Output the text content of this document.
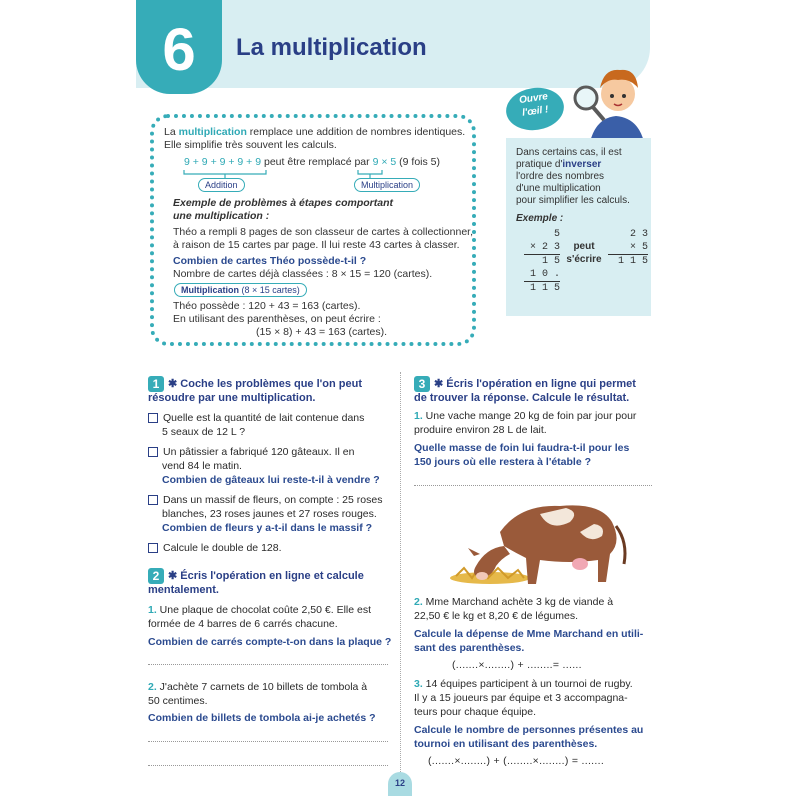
6	La multiplication
La multiplication remplace une addition de nombres identiques.
Elle simplifie très souvent les calculs.
9 + 9 + 9 + 9 + 9 peut être remplacé par 9 × 5 (9 fois 5)
Addition	Multiplication
Exemple de problèmes à étapes comportant
une multiplication :
Théo a rempli 8 pages de son classeur de cartes à collectionner,
à raison de 15 cartes par page. Il lui reste 43 cartes à classer.
Combien de cartes Théo possède-t-il ?
Nombre de cartes déjà classées : 8 × 15 = 120 (cartes).
Multiplication (8 × 15 cartes)
Théo possède : 120 + 43 = 163 (cartes).
En utilisant des parenthèses, on peut écrire :
(15 × 8) + 43 = 163 (cartes).
Ouvre
l'œil !
Dans certains cas, il est
pratique d'inverser
l'ordre des nombres
d'une multiplication
pour simplifier les calculs.
Exemple :
5
× 2 3
1 5
1 0 .
1 1 5
peut
s'écrire
2 3
× 5
1 1 5
1 ✱ Coche les problèmes que l'on peut
résoudre par une multiplication.
Quelle est la quantité de lait contenue dans
5 seaux de 12 L ?
Un pâtissier a fabriqué 120 gâteaux. Il en
vend 84 le matin.
Combien de gâteaux lui reste-t-il à vendre ?
Dans un massif de fleurs, on compte : 25 roses
blanches, 23 roses jaunes et 27 roses rouges.
Combien de fleurs y a-t-il dans le massif ?
Calcule le double de 128.
2 ✱ Écris l'opération en ligne et calcule
mentalement.
1. Une plaque de chocolat coûte 2,50 €. Elle est
formée de 4 barres de 6 carrés chacune.
Combien de carrés compte-t-on dans la plaque ?
2. J'achète 7 carnets de 10 billets de tombola à
50 centimes.
Combien de billets de tombola ai-je achetés ?
3 ✱ Écris l'opération en ligne qui permet
de trouver la réponse. Calcule le résultat.
1. Une vache mange 20 kg de foin par jour pour
produire environ 28 L de lait.
Quelle masse de foin lui faudra-t-il pour les
150 jours où elle restera à l'étable ?
2. Mme Marchand achète 3 kg de viande à
22,50 € le kg et 8,20 € de légumes.
Calcule la dépense de Mme Marchand en utili-
sant des parenthèses.
(.......×........) + ........= ......
3. 14 équipes participent à un tournoi de rugby.
Il y a 15 joueurs par équipe et 3 accompagna-
teurs pour chaque équipe.
Calcule le nombre de personnes présentes au
tournoi en utilisant des parenthèses.
(.......×........) + (........×........) = .......
12
